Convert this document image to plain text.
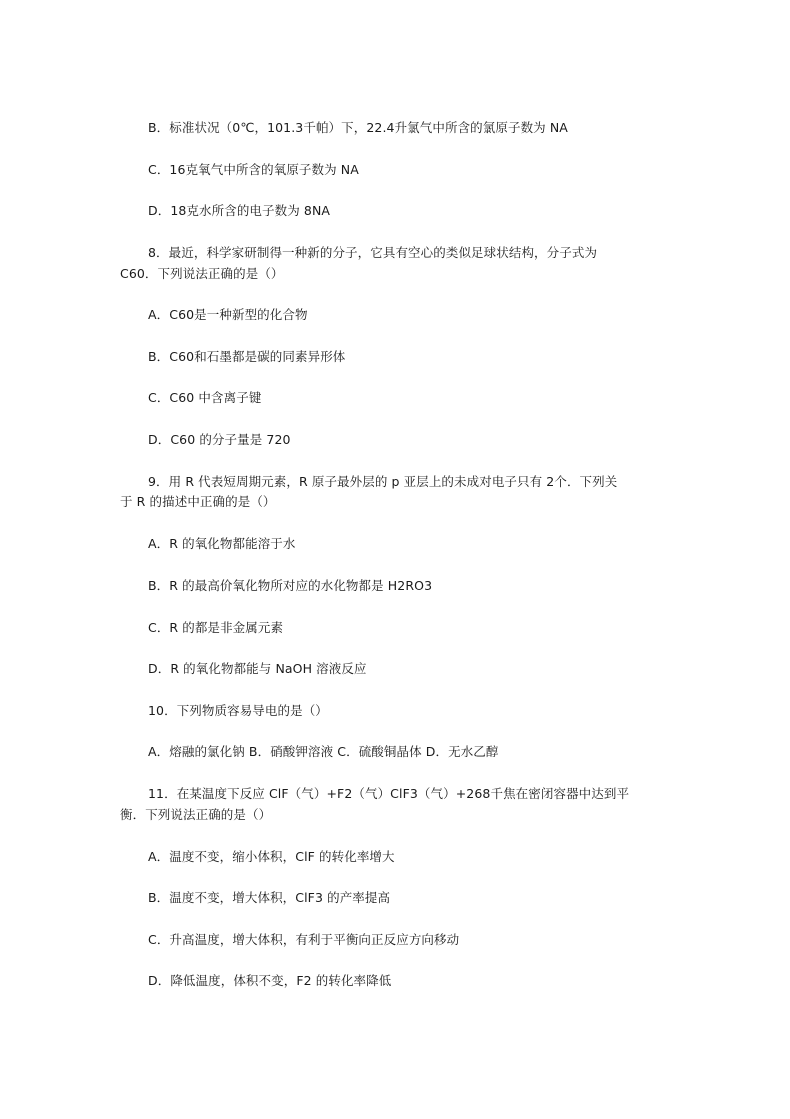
B．标准状况（0℃，101.3千帕）下，22.4升氯气中所含的氯原子数为 NA
C．16克氧气中所含的氧原子数为 NA
D．18克水所含的电子数为 8NA
8．最近，科学家研制得一种新的分子，它具有空心的类似足球状结构，分子式为
C60．下列说法正确的是（）
A．C60是一种新型的化合物
B．C60和石墨都是碳的同素异形体
C．C60 中含离子键
D．C60 的分子量是 720
9．用 R 代表短周期元素，R 原子最外层的 p 亚层上的未成对电子只有 2个．下列关
于 R 的描述中正确的是（）
A．R 的氧化物都能溶于水
B．R 的最高价氧化物所对应的水化物都是 H2RO3
C．R 的都是非金属元素
D．R 的氧化物都能与 NaOH 溶液反应
10．下列物质容易导电的是（）
A．熔融的氯化钠 B．硝酸钾溶液 C．硫酸铜晶体 D．无水乙醇
11．在某温度下反应 ClF（气）+F2（气）ClF3（气）+268千焦在密闭容器中达到平
衡．下列说法正确的是（）
A．温度不变，缩小体积，ClF 的转化率增大
B．温度不变，增大体积，ClF3 的产率提高
C．升高温度，增大体积，有利于平衡向正反应方向移动
D．降低温度，体积不变，F2 的转化率降低
